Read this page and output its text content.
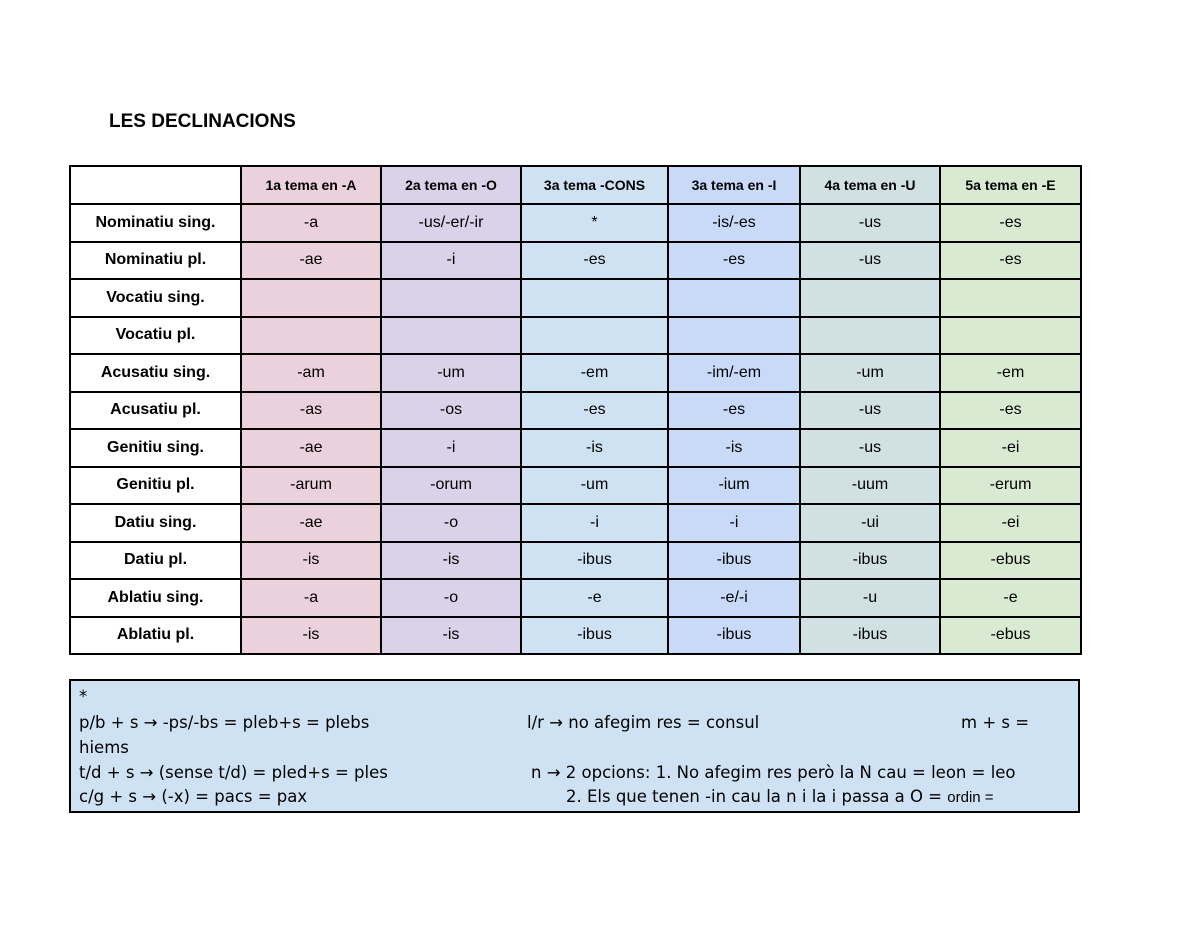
LES DECLINACIONS
	1a tema en -A	2a tema en -O	3a tema -CONS	3a tema en -I	4a tema en -U	5a tema en -E
Nominatiu sing.	-a	-us/-er/-ir	*	-is/-es	-us	-es
Nominatiu pl.	-ae	-i	-es	-es	-us	-es
Vocatiu sing.						
Vocatiu pl.						
Acusatiu sing.	-am	-um	-em	-im/-em	-um	-em
Acusatiu pl.	-as	-os	-es	-es	-us	-es
Genitiu sing.	-ae	-i	-is	-is	-us	-ei
Genitiu pl.	-arum	-orum	-um	-ium	-uum	-erum
Datiu sing.	-ae	-o	-i	-i	-ui	-ei
Datiu pl.	-is	-is	-ibus	-ibus	-ibus	-ebus
Ablatiu sing.	-a	-o	-e	-e/-i	-u	-e
Ablatiu pl.	-is	-is	-ibus	-ibus	-ibus	-ebus
*
p/b + s → -ps/-bs = pleb+s = plebs	l/r → no afegim res = consul	m + s =
hiems
t/d + s → (sense t/d) = pled+s = ples	n → 2 opcions: 1. No afegim res però la N cau = leon = leo
c/g + s → (-x) = pacs = pax	2. Els que tenen -in cau la n i la i passa a O = ordin =
